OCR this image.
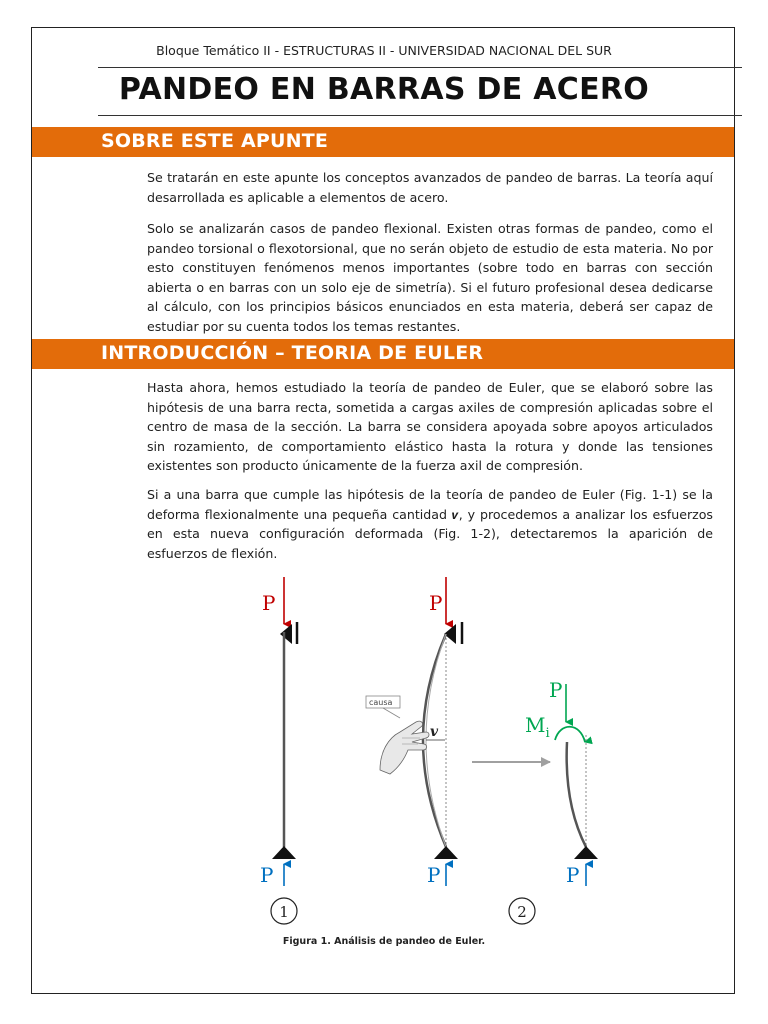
Bloque Temático II - ESTRUCTURAS II - UNIVERSIDAD NACIONAL DEL SUR
PANDEO EN BARRAS DE ACERO
SOBRE ESTE APUNTE

Se tratarán en este apunte los conceptos avanzados de pandeo de barras. La teoría aquí desarrollada es aplicable a elementos de acero.

Solo se analizarán casos de pandeo flexional. Existen otras formas de pandeo, como el pandeo torsional o flexotorsional, que no serán objeto de estudio de esta materia. No por esto constituyen fenómenos menos importantes (sobre todo en barras con sección abierta o en barras con un solo eje de simetría). Si el futuro profesional desea dedicarse al cálculo, con los principios básicos enunciados en esta materia, deberá ser capaz de estudiar por su cuenta todos los temas restantes.

INTRODUCCIÓN – TEORIA DE EULER

Hasta ahora, hemos estudiado la teoría de pandeo de Euler, que se elaboró sobre las hipótesis de una barra recta, sometida a cargas axiles de compresión aplicadas sobre el centro de masa de la sección. La barra se considera apoyada sobre apoyos articulados sin rozamiento, de comportamiento elástico hasta la rotura y donde las tensiones existentes son producto únicamente de la fuerza axil de compresión.

Si a una barra que cumple las hipótesis de la teoría de pandeo de Euler (Fig. 1-1) se la deforma flexionalmente una pequeña cantidad 𝒗, y procedemos a analizar los esfuerzos en esta nueva configuración deformada (Fig. 1-2), detectaremos la aparición de esfuerzos de flexión.

P
P
P
v
causa
P
P
$M_i$
P
1	2
Figura 1. Análisis de pandeo de Euler.
